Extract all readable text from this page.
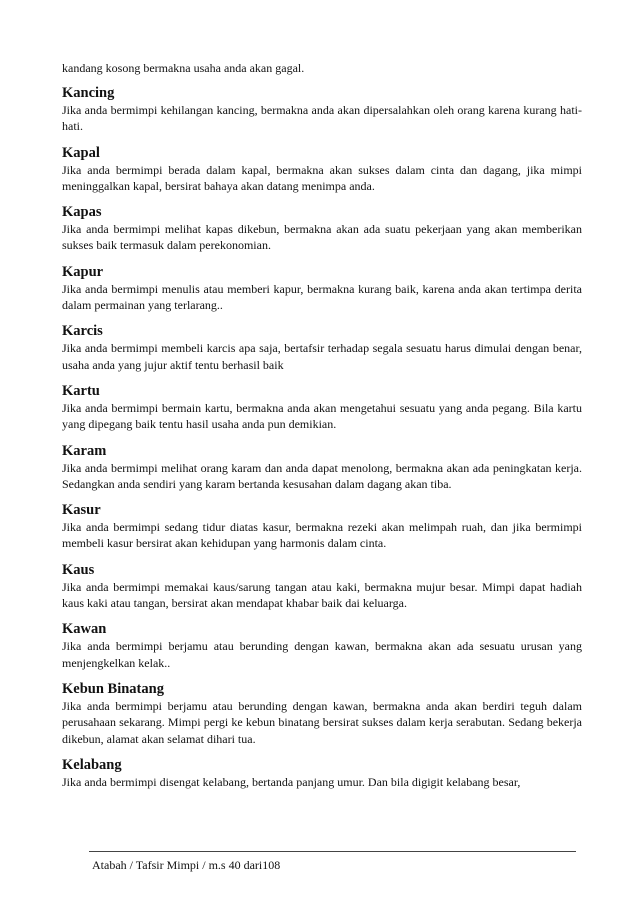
kandang kosong bermakna usaha anda akan gagal.

Kancing

Jika anda bermimpi kehilangan kancing, bermakna anda akan dipersalahkan oleh orang karena kurang hati-hati.

Kapal

Jika anda bermimpi berada dalam kapal, bermakna akan sukses dalam cinta dan dagang, jika mimpi meninggalkan kapal, bersirat bahaya akan datang menimpa anda.

Kapas

Jika anda bermimpi melihat kapas dikebun, bermakna akan ada suatu pekerjaan yang akan memberikan sukses baik termasuk dalam perekonomian.

Kapur

Jika anda bermimpi menulis atau memberi kapur, bermakna kurang baik, karena anda akan tertimpa derita dalam permainan yang terlarang..

Karcis

Jika anda bermimpi membeli karcis apa saja, bertafsir terhadap segala sesuatu harus dimulai dengan benar, usaha anda yang jujur aktif tentu berhasil baik

Kartu

Jika anda bermimpi bermain kartu, bermakna anda akan mengetahui sesuatu yang anda pegang. Bila kartu yang dipegang baik tentu hasil usaha anda pun demikian.

Karam

Jika anda bermimpi melihat orang karam dan anda dapat menolong, bermakna akan ada peningkatan kerja. Sedangkan anda sendiri yang karam bertanda kesusahan dalam dagang akan tiba.

Kasur

Jika anda bermimpi sedang tidur diatas kasur, bermakna rezeki akan melimpah ruah, dan jika bermimpi membeli kasur bersirat akan kehidupan yang harmonis dalam cinta.

Kaus

Jika anda bermimpi memakai kaus/sarung tangan atau kaki, bermakna mujur besar. Mimpi dapat hadiah kaus kaki atau tangan, bersirat akan mendapat khabar baik dai keluarga.

Kawan

Jika anda bermimpi berjamu atau berunding dengan kawan, bermakna akan ada sesuatu urusan yang menjengkelkan kelak..

Kebun Binatang

Jika anda bermimpi berjamu atau berunding dengan kawan, bermakna anda akan berdiri teguh dalam perusahaan sekarang. Mimpi pergi ke kebun binatang bersirat sukses dalam kerja serabutan. Sedang bekerja dikebun, alamat akan selamat dihari tua.

Kelabang

Jika anda bermimpi disengat kelabang, bertanda panjang umur. Dan bila digigit kelabang besar,

Atabah / Tafsir Mimpi / m.s 40 dari108
